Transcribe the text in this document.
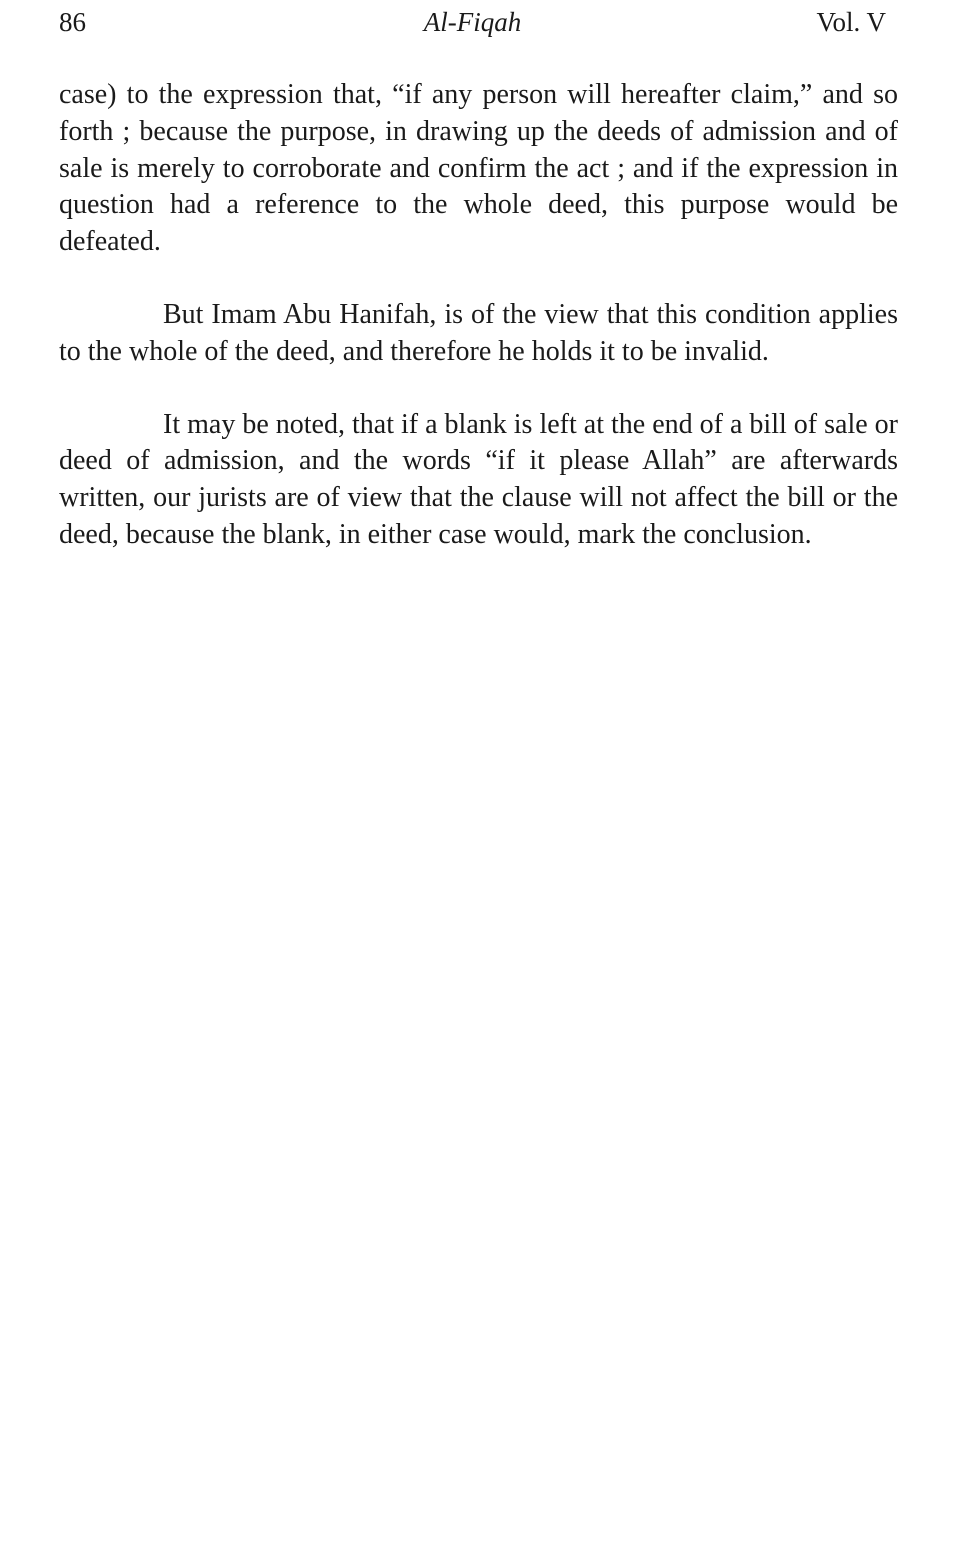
86	Al-Fiqah	Vol. V

case) to the expression that, “if any person will hereafter claim,” and so forth ; because the purpose, in drawing up the deeds of admission and of sale is merely to corroborate and confirm the act ; and if the expression in question had a reference to the whole deed, this purpose would be defeated.

But Imam Abu Hanifah, is of the view that this condition applies to the whole of the deed, and therefore he holds it to be invalid.

It may be noted, that if a blank is left at the end of a bill of sale or deed of admission, and the words “if it please Allah” are afterwards written, our jurists are of view that the clause will not affect the bill or the deed, because the blank, in either case would, mark the conclusion.
